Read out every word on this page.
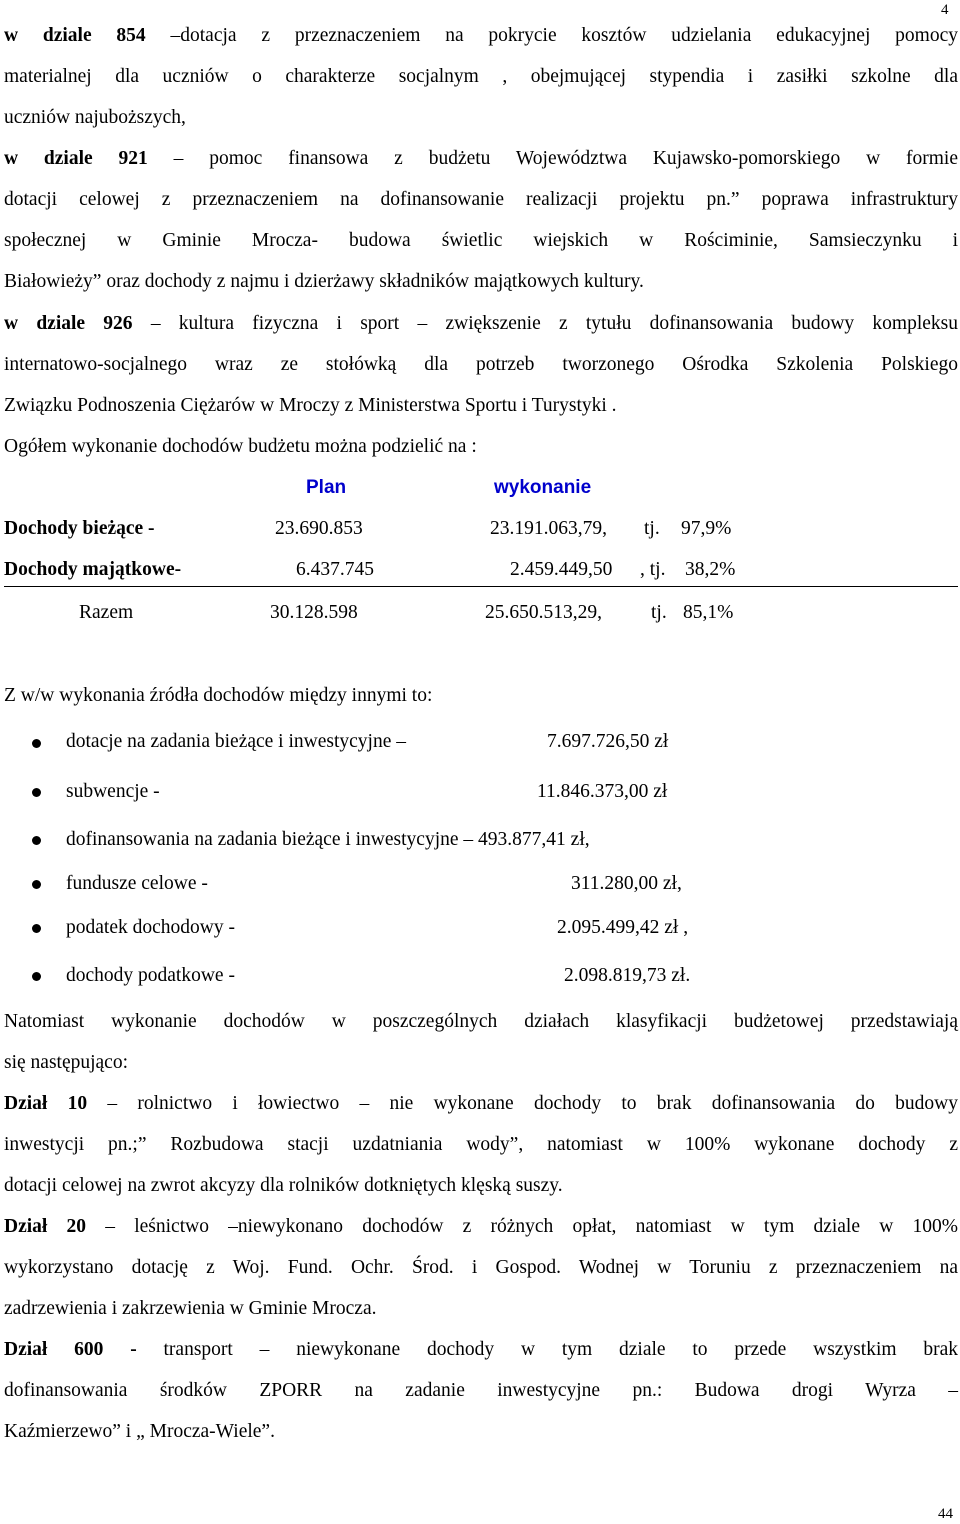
4
w dziale 854 –dotacja z przeznaczeniem na pokrycie kosztów udzielania edukacyjnej pomocy
materialnej dla uczniów o charakterze socjalnym , obejmującej stypendia i zasiłki szkolne dla
uczniów najuboższych,
w dziale 921 – pomoc finansowa z budżetu Województwa Kujawsko-pomorskiego w formie
dotacji celowej z przeznaczeniem na dofinansowanie realizacji projektu pn.” poprawa infrastruktury
społecznej w Gminie Mrocza- budowa świetlic wiejskich w Rościminie, Samsieczynku i
Białowieży” oraz dochody z najmu i dzierżawy składników majątkowych kultury.
w dziale 926 – kultura fizyczna i sport – zwiększenie z tytułu dofinansowania budowy kompleksu
internatowo-socjalnego wraz ze stołówką dla potrzeb tworzonego Ośrodka Szkolenia Polskiego
Związku Podnoszenia Ciężarów w Mroczy z Ministerstwa Sportu i Turystyki .
Ogółem wykonanie dochodów budżetu można podzielić na :
Plan	wykonanie
Dochody bieżące -	23.690.853	23.191.063,79, tj. 97,9%
Dochody majątkowe-	6.437.745	2.459.449,50 , tj. 38,2%
Razem	30.128.598	25.650.513,29,	tj. 85,1%
Z w/w wykonania źródła dochodów między innymi to:
dotacje na zadania bieżące i inwestycyjne –	7.697.726,50 zł
subwencje -	11.846.373,00 zł
dofinansowania na zadania bieżące i inwestycyjne – 493.877,41 zł,
fundusze celowe -	311.280,00 zł,
podatek dochodowy -	2.095.499,42 zł ,
dochody podatkowe -	2.098.819,73 zł.
Natomiast wykonanie dochodów w poszczególnych działach klasyfikacji budżetowej przedstawiają
się następująco:
Dział 10 – rolnictwo i łowiectwo – nie wykonane dochody to brak dofinansowania do budowy
inwestycji pn.;” Rozbudowa stacji uzdatniania wody”, natomiast w 100% wykonane dochody z
dotacji celowej na zwrot akcyzy dla rolników dotkniętych klęską suszy.
Dział 20 – leśnictwo –niewykonano dochodów z różnych opłat, natomiast w tym dziale w 100%
wykorzystano dotację z Woj. Fund. Ochr. Środ. i Gospod. Wodnej w Toruniu z przeznaczeniem na
zadrzewienia i zakrzewienia w Gminie Mrocza.
Dział 600 - transport – niewykonane dochody w tym dziale to przede wszystkim brak
dofinansowania środków ZPORR na zadanie inwestycyjne pn.: Budowa drogi Wyrza –
Kaźmierzewo” i „ Mrocza-Wiele”.
44
